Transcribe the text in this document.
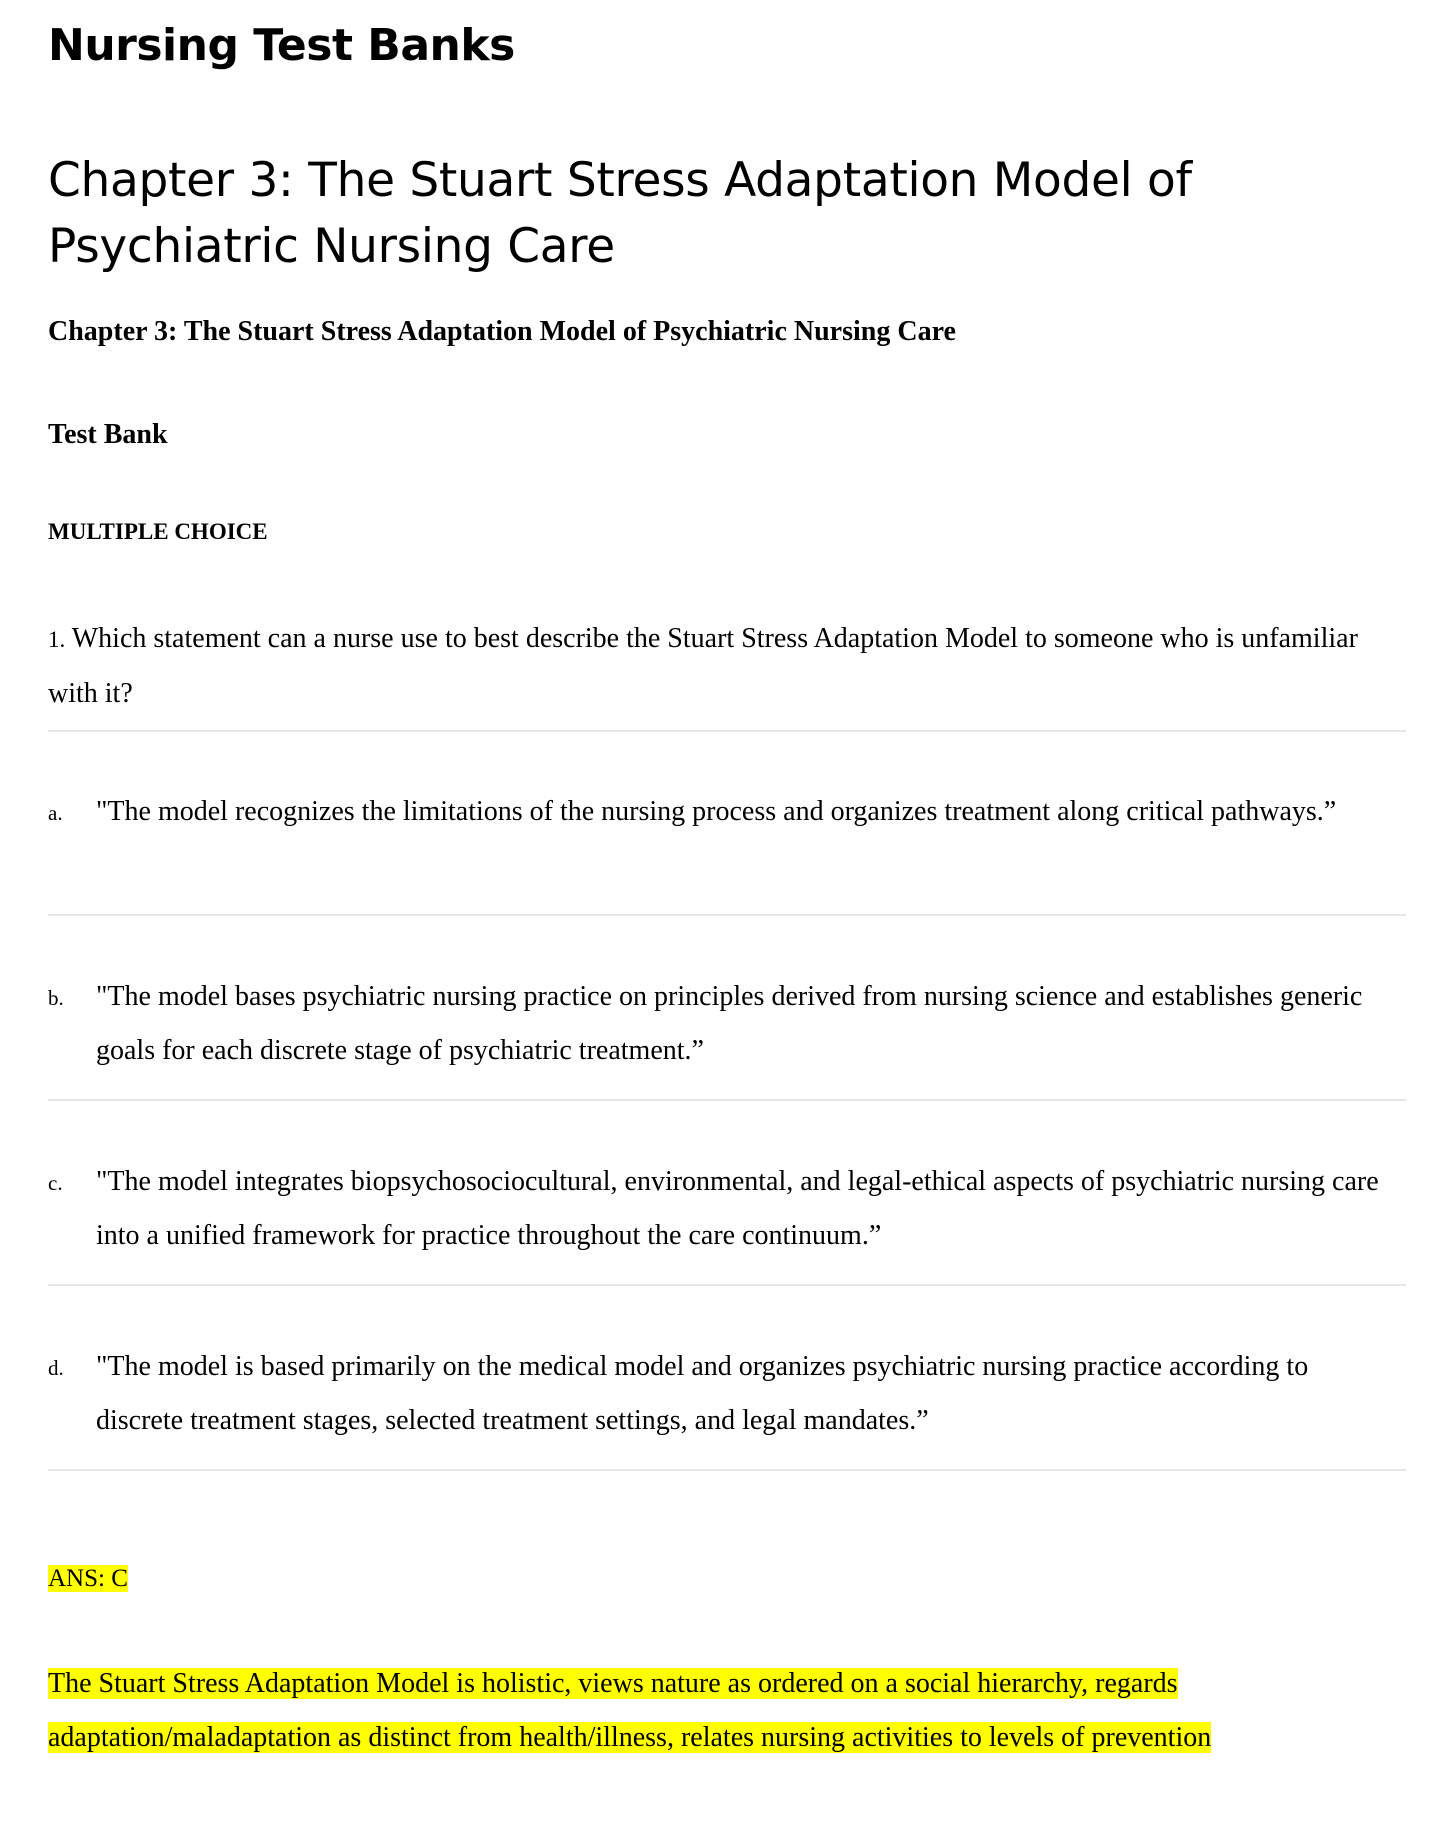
Nursing Test Banks
Chapter 3: The Stuart Stress Adaptation Model of Psychiatric Nursing Care
Chapter 3: The Stuart Stress Adaptation Model of Psychiatric Nursing Care
Test Bank
MULTIPLE CHOICE

1. Which statement can a nurse use to best describe the Stuart Stress Adaptation Model to someone who is unfamiliar with it?

a. "The model recognizes the limitations of the nursing process and organizes treatment along critical pathways.”
b. "The model bases psychiatric nursing practice on principles derived from nursing science and establishes generic goals for each discrete stage of psychiatric treatment.”
c. "The model integrates biopsychosociocultural, environmental, and legal-ethical aspects of psychiatric nursing care into a unified framework for practice throughout the care continuum.”
d. "The model is based primarily on the medical model and organizes psychiatric nursing practice according to discrete treatment stages, selected treatment settings, and legal mandates.”
ANS: C

The Stuart Stress Adaptation Model is holistic, views nature as ordered on a social hierarchy, regards adaptation/maladaptation as distinct from health/illness, relates nursing activities to levels of prevention
